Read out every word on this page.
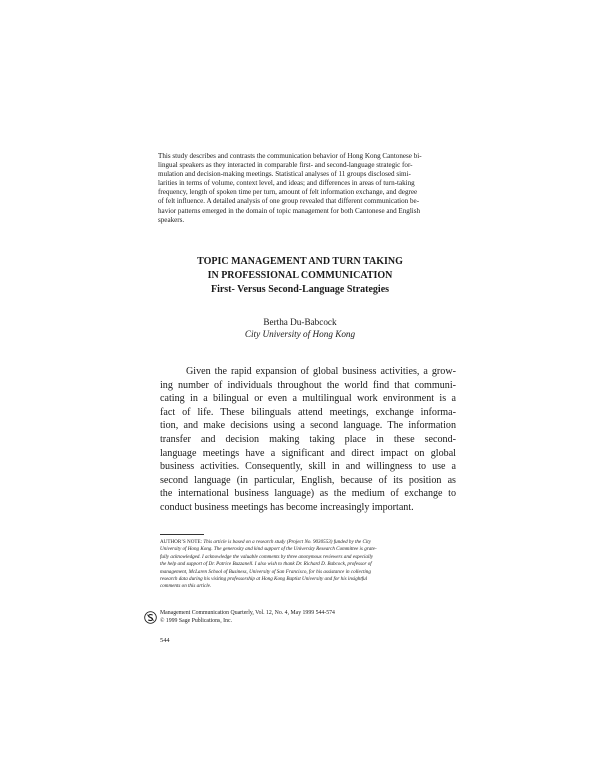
This study describes and contrasts the communication behavior of Hong Kong Cantonese bi-
lingual speakers as they interacted in comparable first- and second-language strategic for-
mulation and decision-making meetings. Statistical analyses of 11 groups disclosed simi-
larities in terms of volume, context level, and ideas; and differences in areas of turn-taking
frequency, length of spoken time per turn, amount of felt information exchange, and degree
of felt influence. A detailed analysis of one group revealed that different communication be-
havior patterns emerged in the domain of topic management for both Cantonese and English
speakers.
TOPIC MANAGEMENT AND TURN TAKING
IN PROFESSIONAL COMMUNICATION
First- Versus Second-Language Strategies
Bertha Du-Babcock
City University of Hong Kong
Given the rapid expansion of global business activities, a grow-
ing number of individuals throughout the world find that communi-
cating in a bilingual or even a multilingual work environment is a
fact of life. These bilinguals attend meetings, exchange informa-
tion, and make decisions using a second language. The information
transfer and decision making taking place in these second-
language meetings have a significant and direct impact on global
business activities. Consequently, skill in and willingness to use a
second language (in particular, English, because of its position as
the international business language) as the medium of exchange to
conduct business meetings has become increasingly important.
AUTHOR’S NOTE: This article is based on a research study (Project No. 9030553) funded by the City
University of Hong Kong. The generosity and kind support of the University Research Committee is grate-
fully acknowledged. I acknowledge the valuable comments by three anonymous reviewers and especially
the help and support of Dr. Patrice Buzzanell. I also wish to thank Dr. Richard D. Babcock, professor of
management, McLaren School of Business, University of San Francisco, for his assistance in collecting
research data during his visiting professorship at Hong Kong Baptist University and for his insightful
comments on this article.
Management Communication Quarterly, Vol. 12, No. 4, May 1999 544-574
© 1999 Sage Publications, Inc.
544
